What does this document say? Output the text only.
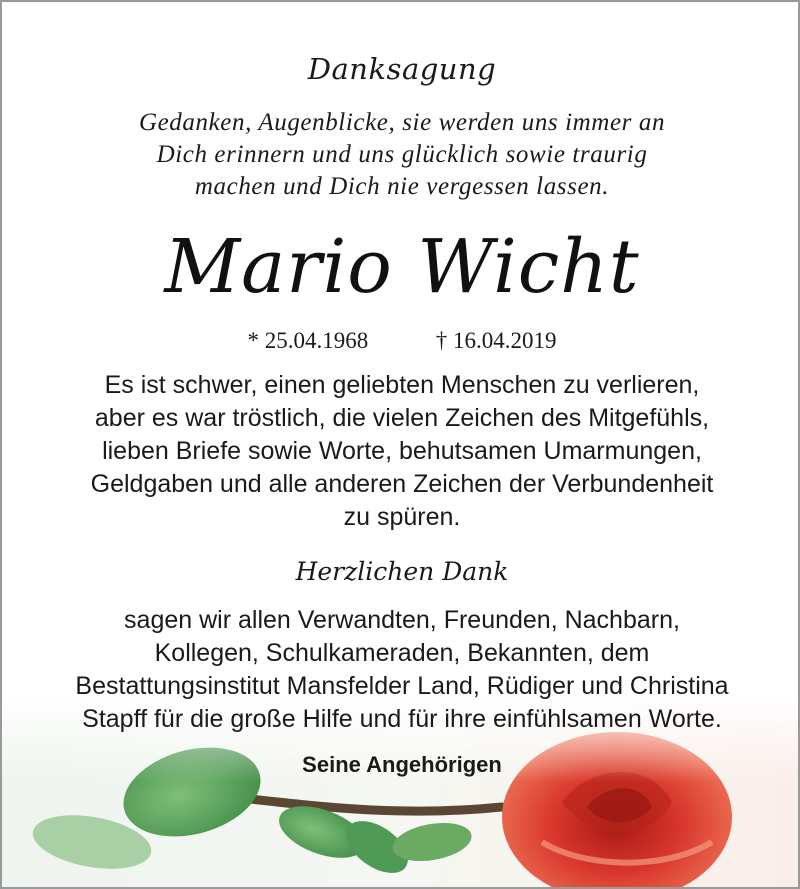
Danksagung
Gedanken, Augenblicke, sie werden uns immer an
Dich erinnern und uns glücklich sowie traurig
machen und Dich nie vergessen lassen.
Mario Wicht
* 25.04.1968	† 16.04.2019
Es ist schwer, einen geliebten Menschen zu verlieren,
aber es war tröstlich, die vielen Zeichen des Mitgefühls,
lieben Briefe sowie Worte, behutsamen Umarmungen,
Geldgaben und alle anderen Zeichen der Verbundenheit
zu spüren.
Herzlichen Dank
sagen wir allen Verwandten, Freunden, Nachbarn,
Kollegen, Schulkameraden, Bekannten, dem
Bestattungsinstitut Mansfelder Land, Rüdiger und Christina
Stapff für die große Hilfe und für ihre einfühlsamen Worte.
Seine Angehörigen
